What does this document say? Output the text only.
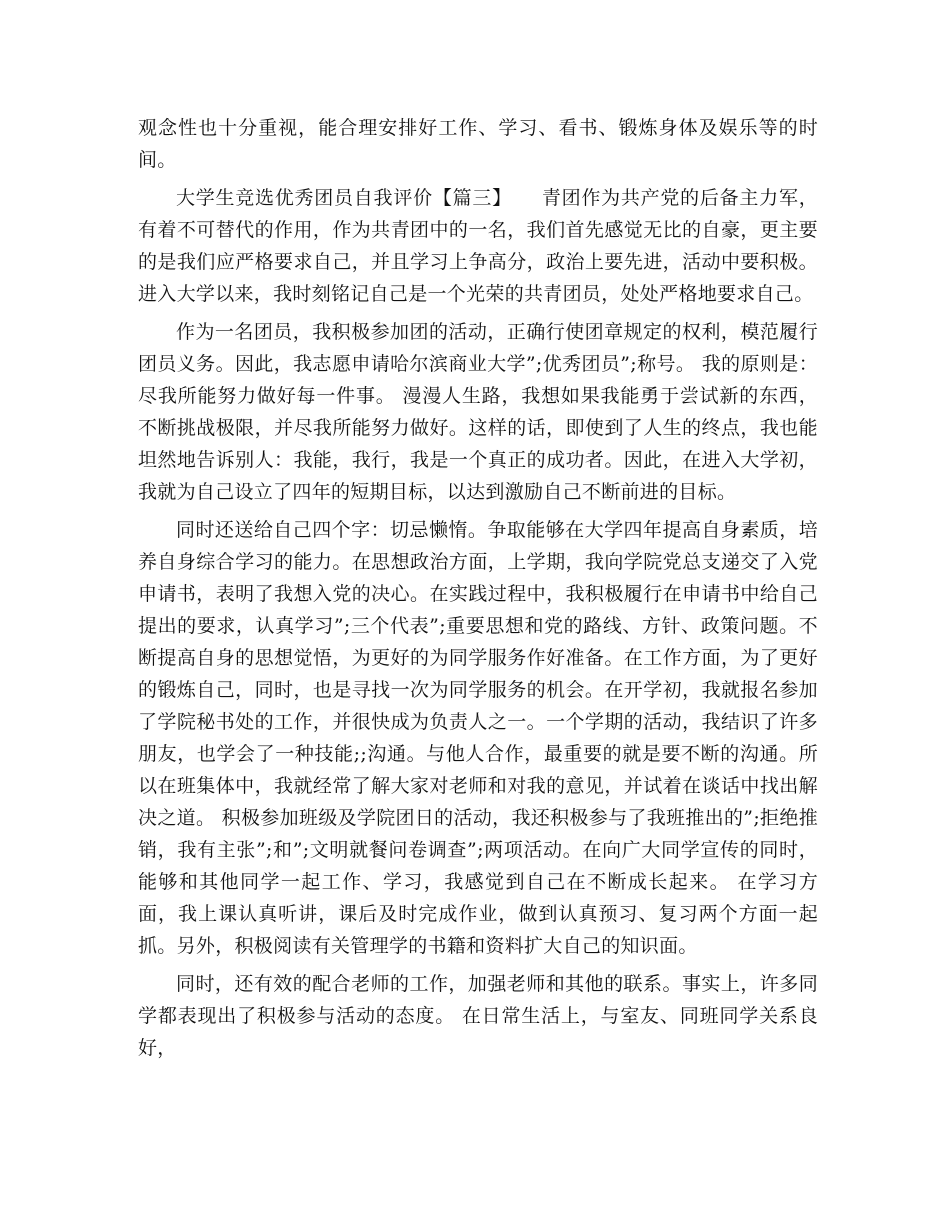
观念性也十分重视，能合理安排好工作、学习、看书、锻炼身体及娱乐等的时间。

大学生竞选优秀团员自我评价【篇三】　　青团作为共产党的后备主力军，有着不可替代的作用，作为共青团中的一名，我们首先感觉无比的自豪，更主要的是我们应严格要求自己，并且学习上争高分，政治上要先进，活动中要积极。进入大学以来，我时刻铭记自己是一个光荣的共青团员，处处严格地要求自己。

作为一名团员，我积极参加团的活动，正确行使团章规定的权利，模范履行团员义务。因此，我志愿申请哈尔滨商业大学”;优秀团员”;称号。 我的原则是：尽我所能努力做好每一件事。 漫漫人生路，我想如果我能勇于尝试新的东西，不断挑战极限，并尽我所能努力做好。这样的话，即使到了人生的终点，我也能坦然地告诉别人：我能，我行，我是一个真正的成功者。因此，在进入大学初，我就为自己设立了四年的短期目标，以达到激励自己不断前进的目标。

同时还送给自己四个字：切忌懒惰。争取能够在大学四年提高自身素质，培养自身综合学习的能力。在思想政治方面，上学期，我向学院党总支递交了入党申请书，表明了我想入党的决心。在实践过程中，我积极履行在申请书中给自己提出的要求，认真学习”;三个代表”;重要思想和党的路线、方针、政策问题。不断提高自身的思想觉悟，为更好的为同学服务作好准备。在工作方面，为了更好的锻炼自己，同时，也是寻找一次为同学服务的机会。在开学初，我就报名参加了学院秘书处的工作，并很快成为负责人之一。一个学期的活动，我结识了许多朋友，也学会了一种技能;;沟通。与他人合作，最重要的就是要不断的沟通。所以在班集体中，我就经常了解大家对老师和对我的意见，并试着在谈话中找出解决之道。 积极参加班级及学院团日的活动，我还积极参与了我班推出的”;拒绝推销，我有主张”;和”;文明就餐问卷调查”;两项活动。在向广大同学宣传的同时，能够和其他同学一起工作、学习，我感觉到自己在不断成长起来。 在学习方面，我上课认真听讲，课后及时完成作业，做到认真预习、复习两个方面一起抓。另外，积极阅读有关管理学的书籍和资料扩大自己的知识面。

同时，还有效的配合老师的工作，加强老师和其他的联系。事实上，许多同学都表现出了积极参与活动的态度。 在日常生活上，与室友、同班同学关系良好，
